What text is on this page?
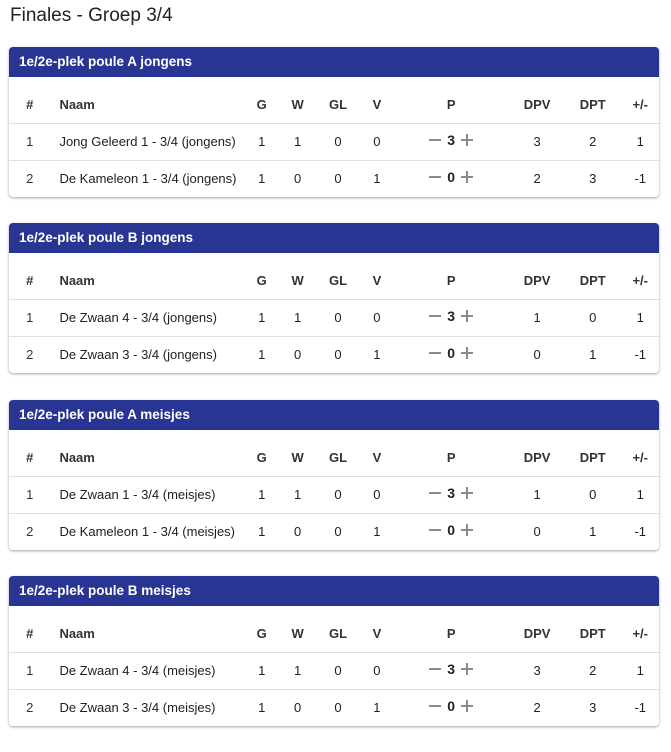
Finales - Groep 3/4
1e/2e-plek poule A jongens
#	Naam	G	W	GL	V	P	DPV	DPT	+/-
1	Jong Geleerd 1 - 3/4 (jongens)	1	1	0	0	3	3	2	1
2	De Kameleon 1 - 3/4 (jongens)	1	0	0	1	0	2	3	-1
1e/2e-plek poule B jongens
#	Naam	G	W	GL	V	P	DPV	DPT	+/-
1	De Zwaan 4 - 3/4 (jongens)	1	1	0	0	3	1	0	1
2	De Zwaan 3 - 3/4 (jongens)	1	0	0	1	0	0	1	-1
1e/2e-plek poule A meisjes
#	Naam	G	W	GL	V	P	DPV	DPT	+/-
1	De Zwaan 1 - 3/4 (meisjes)	1	1	0	0	3	1	0	1
2	De Kameleon 1 - 3/4 (meisjes)	1	0	0	1	0	0	1	-1
1e/2e-plek poule B meisjes
#	Naam	G	W	GL	V	P	DPV	DPT	+/-
1	De Zwaan 4 - 3/4 (meisjes)	1	1	0	0	3	3	2	1
2	De Zwaan 3 - 3/4 (meisjes)	1	0	0	1	0	2	3	-1
